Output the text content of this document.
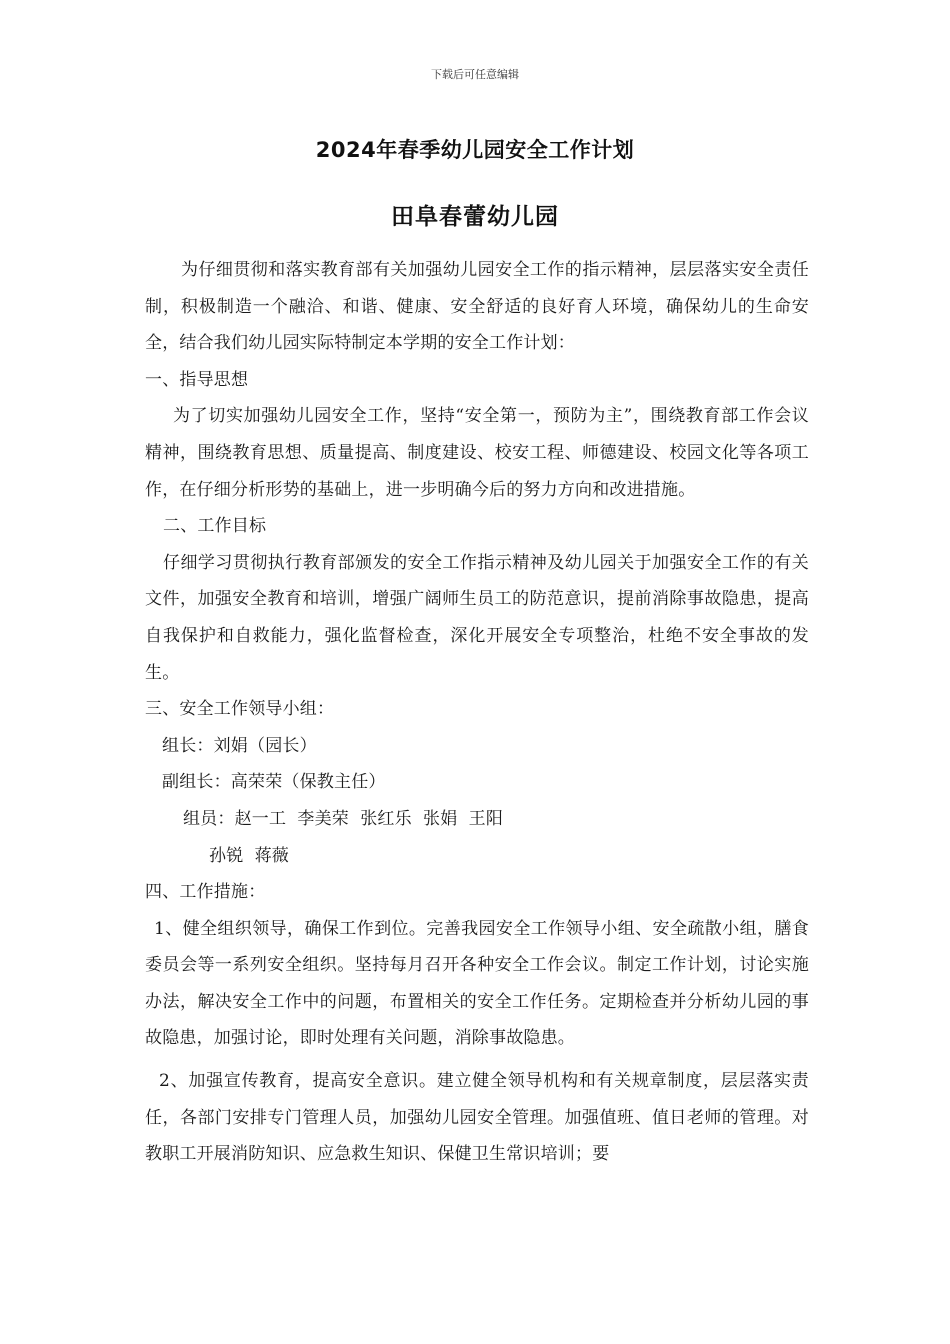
下载后可任意编辑
2024年春季幼儿园安全工作计划
田阜春蕾幼儿园

为仔细贯彻和落实教育部有关加强幼儿园安全工作的指示精神，层层落实安全责任制，积极制造一个融洽、和谐、健康、安全舒适的良好育人环境，确保幼儿的生命安全，结合我们幼儿园实际特制定本学期的安全工作计划：

一、指导思想

为了切实加强幼儿园安全工作，坚持“安全第一，预防为主”，围绕教育部工作会议精神，围绕教育思想、质量提高、制度建设、校安工程、师德建设、校园文化等各项工作，在仔细分析形势的基础上，进一步明确今后的努力方向和改进措施。

二、工作目标

仔细学习贯彻执行教育部颁发的安全工作指示精神及幼儿园关于加强安全工作的有关文件，加强安全教育和培训，增强广阔师生员工的防范意识，提前消除事故隐患，提高自我保护和自救能力，强化监督检查，深化开展安全专项整治，杜绝不安全事故的发生。

三、安全工作领导小组：

组长：刘娟（园长）

副组长：高荣荣（保教主任）

组员：赵一工  李美荣  张红乐  张娟  王阳

孙锐  蒋薇

四、工作措施：

1、健全组织领导，确保工作到位。完善我园安全工作领导小组、安全疏散小组，膳食委员会等一系列安全组织。坚持每月召开各种安全工作会议。制定工作计划，讨论实施办法，解决安全工作中的问题，布置相关的安全工作任务。定期检查并分析幼儿园的事故隐患，加强讨论，即时处理有关问题，消除事故隐患。

2、加强宣传教育，提高安全意识。建立健全领导机构和有关规章制度，层层落实责任，各部门安排专门管理人员，加强幼儿园安全管理。加强值班、值日老师的管理。对教职工开展消防知识、应急救生知识、保健卫生常识培训；要
